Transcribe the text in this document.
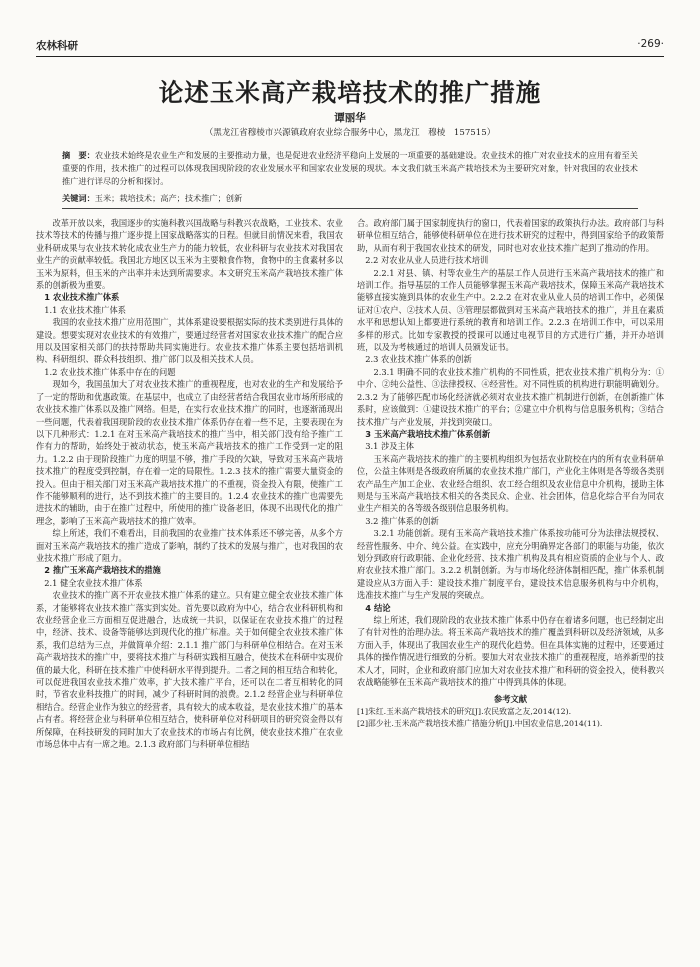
农林科研	·269·
论述玉米高产栽培技术的推广措施
谭丽华
（黑龙江省穆棱市兴源镇政府农业综合服务中心，黑龙江　穆棱　157515）
摘　要：农业技术始终是农业生产和发展的主要推动力量，也是促进农业经济平稳向上发展的一项重要的基础建设。农业技术的推广对农业技术的应用有着至关重要的作用，技术推广的过程可以体现我国现阶段的农业发展水平和国家农业发展的现状。本文我们就玉米高产栽培技术为主要研究对象，针对我国的农业技术推广进行详尽的分析和探讨。
关键词：玉米；栽培技术；高产；技术推广；创新

改革开放以来，我国逐步的实施科教兴国战略与科教兴农战略，工业技术、农业技术等技术的传播与推广逐步提上国家战略落实的日程。但就目前情况来看，我国农业科研成果与农业技术转化成农业生产力的能力较低，农业科研与农业技术对我国农业生产的贡献率较低。我国北方地区以玉米为主要粮食作物，食物中的主食素材多以玉米为原料，但玉米的产出率并未达到所需要求。本文研究玉米高产栽培技术推广体系的创新极为重要。

1 农业技术推广体系
1.1 农业技术推广体系

我国的农业技术推广应用范围广，其体系建设要根据实际的技术类别进行具体的建设。想要实现对农业技术的有效推广，要通过经营者对国家农业技术推广的配合应用以及国家相关部门的扶持帮助共同实施进行。农业技术推广体系主要包括培训机构、科研组织、群众科技组织、推广部门以及相关技术人员。

1.2 农业技术推广体系中存在的问题

现如今，我国虽加大了对农业技术推广的重视程度，也对农业的生产和发展给予了一定的帮助和优惠政策。在基层中，也成立了由经营者结合我国农业市场所形成的农业技术推广体系以及推广网络。但是，在实行农业技术推广的同时，也逐渐涌现出一些问题，代表着我国现阶段的农业技术推广体系仍存在着一些不足，主要表现在为以下几种形式：1.2.1 在对玉米高产栽培技术的推广当中，相关部门没有给予推广工作有力的帮助，始终处于被动状态，使玉米高产栽培技术的推广工作受到一定的阻力。1.2.2 由于现阶段推广力度的明显不够，推广手段的欠缺，导致对玉米高产栽培技术推广的程度受到控制，存在着一定的局限性。1.2.3 技术的推广需要大量资金的投入。但由于相关部门对玉米高产栽培技术推广的不重视，资金投入有限，使推广工作不能够顺利的进行，达不到技术推广的主要目的。1.2.4 农业技术的推广也需要先进技术的辅助，由于在推广过程中，所使用的推广设备老旧，体现不出现代化的推广理念，影响了玉米高产栽培技术的推广效率。

综上所述，我们不难看出，目前我国的农业推广技术体系还不够完善，从多个方面对玉米高产栽培技术的推广造成了影响，制约了技术的发展与推广，也对我国的农业技术推广形成了阻力。

2 推广玉米高产栽培技术的措施
2.1 健全农业技术推广体系

农业技术的推广离不开农业技术推广体系的建立。只有建立健全农业技术推广体系，才能够将农业技术推广落实到实处。首先要以政府为中心，结合农业科研机构和农业经营企业三方面相互促进融合，达成统一共识，以保证在农业技术推广的过程中，经济、技术、设备等能够达到现代化的推广标准。关于如何健全农业技术推广体系，我们总结为三点，并做简单介绍：2.1.1 推广部门与科研单位相结合。在对玉米高产栽培技术的推广中，要将技术推广与科研实践相互融合，使技术在科研中实现价值的最大化，科研在技术推广中使科研水平得到提升。二者之间的相互结合和转化，可以促进我国农业技术推广效率，扩大技术推广平台，还可以在二者互相转化的同时，节省农业科技推广的时间，减少了科研时间的浪费。2.1.2 经营企业与科研单位相结合。经营企业作为独立的经营者，具有较大的成本收益，是农业技术推广的基本占有者。将经营企业与科研单位相互结合，使科研单位对科研项目的研究资金得以有所保障，在科技研发的同时加大了农业技术的市场占有比例，使农业技术推广在农业市场总体中占有一席之地。2.1.3 政府部门与科研单位相结

合。政府部门属于国家制度执行的窗口，代表着国家的政策执行办法。政府部门与科研单位相互结合，能够使科研单位在进行技术研究的过程中，得到国家给予的政策帮助，从而有利于我国农业技术的研发，同时也对农业技术推广起到了推动的作用。

2.2 对农业从业人员进行技术培训

2.2.1 对县、镇、村等农业生产的基层工作人员进行玉米高产栽培技术的推广和培训工作。指导基层的工作人员能够掌握玉米高产栽培技术，保障玉米高产栽培技术能够直接实施到具体的农业生产中。2.2.2 在对农业从业人员的培训工作中，必须保证对①农户、②技术人员、③管理层都做到对玉米高产栽培技术的推广，并且在素质水平和思想认知上都要进行系统的教育和培训工作。2.2.3 在培训工作中，可以采用多样的形式。比如专家教授的授课可以通过电视节目的方式进行广播，并开办培训班，以及为考核通过的培训人员颁发证书。

2.3 农业技术推广体系的创新

2.3.1 明确不同的农业技术推广机构的不同性质，把农业技术推广机构分为：①中介、②纯公益性、③法律授权、④经营性。对不同性质的机构进行职能明确划分。2.3.2 为了能够匹配市场化经济就必须对农业技术推广机制进行创新，在创新推广体系时，应该做到：①建设技术推广的平台；②建立中介机构与信息服务机构；③结合技术推广与产业发展，并找到突破口。

3 玉米高产栽培技术推广体系创新
3.1 涉及主体

玉米高产栽培技术的推广的主要机构组织为包括农业院校在内的所有农业科研单位，公益主体则是各级政府所属的农业技术推广部门，产业化主体则是各等级各类别农产品生产加工企业、农业经合组织、农工经合组织及农业信息中介机构，援助主体则是与玉米高产栽培技术相关的各类民众、企业、社会团体，信息化综合平台为同农业生产相关的各等级各级别信息服务机构。

3.2 推广体系的创新

3.2.1 功能创新。现有玉米高产栽培技术推广体系按功能可分为法律法规授权、经营性服务、中介、纯公益。在实践中，应充分明确界定各部门的职能与功能，依次划分到政府行政职能、企业化经营、技术推广机构及具有相应资质的企业与个人、政府农业技术推广部门。3.2.2 机制创新。为与市场化经济体制相匹配，推广体系机制建设应从3方面入手：建设技术推广制度平台，建设技术信息服务机构与中介机构，选准技术推广与生产发展的突破点。

4 结论

综上所述，我们现阶段的农业技术推广体系中仍存在着诸多问题，也已经制定出了有针对性的治理办法。将玉米高产栽培技术的推广覆盖到科研以及经济领域，从多方面入手，体现出了我国农业生产的现代化趋势。但在具体实施的过程中，还要通过具体的操作情况进行细致的分析。要加大对农业技术推广的重视程度，培养新型的技术人才，同时，企业和政府部门应加大对农业技术推广和科研的资金投入，使科教兴农战略能够在玉米高产栽培技术的推广中得到具体的体现。

参考文献
[1]朱红.玉米高产栽培技术的研究[J].农民致富之友,2014(12).
[2]邵少社.玉米高产栽培技术推广措施分析[J].中国农业信息,2014(11).
